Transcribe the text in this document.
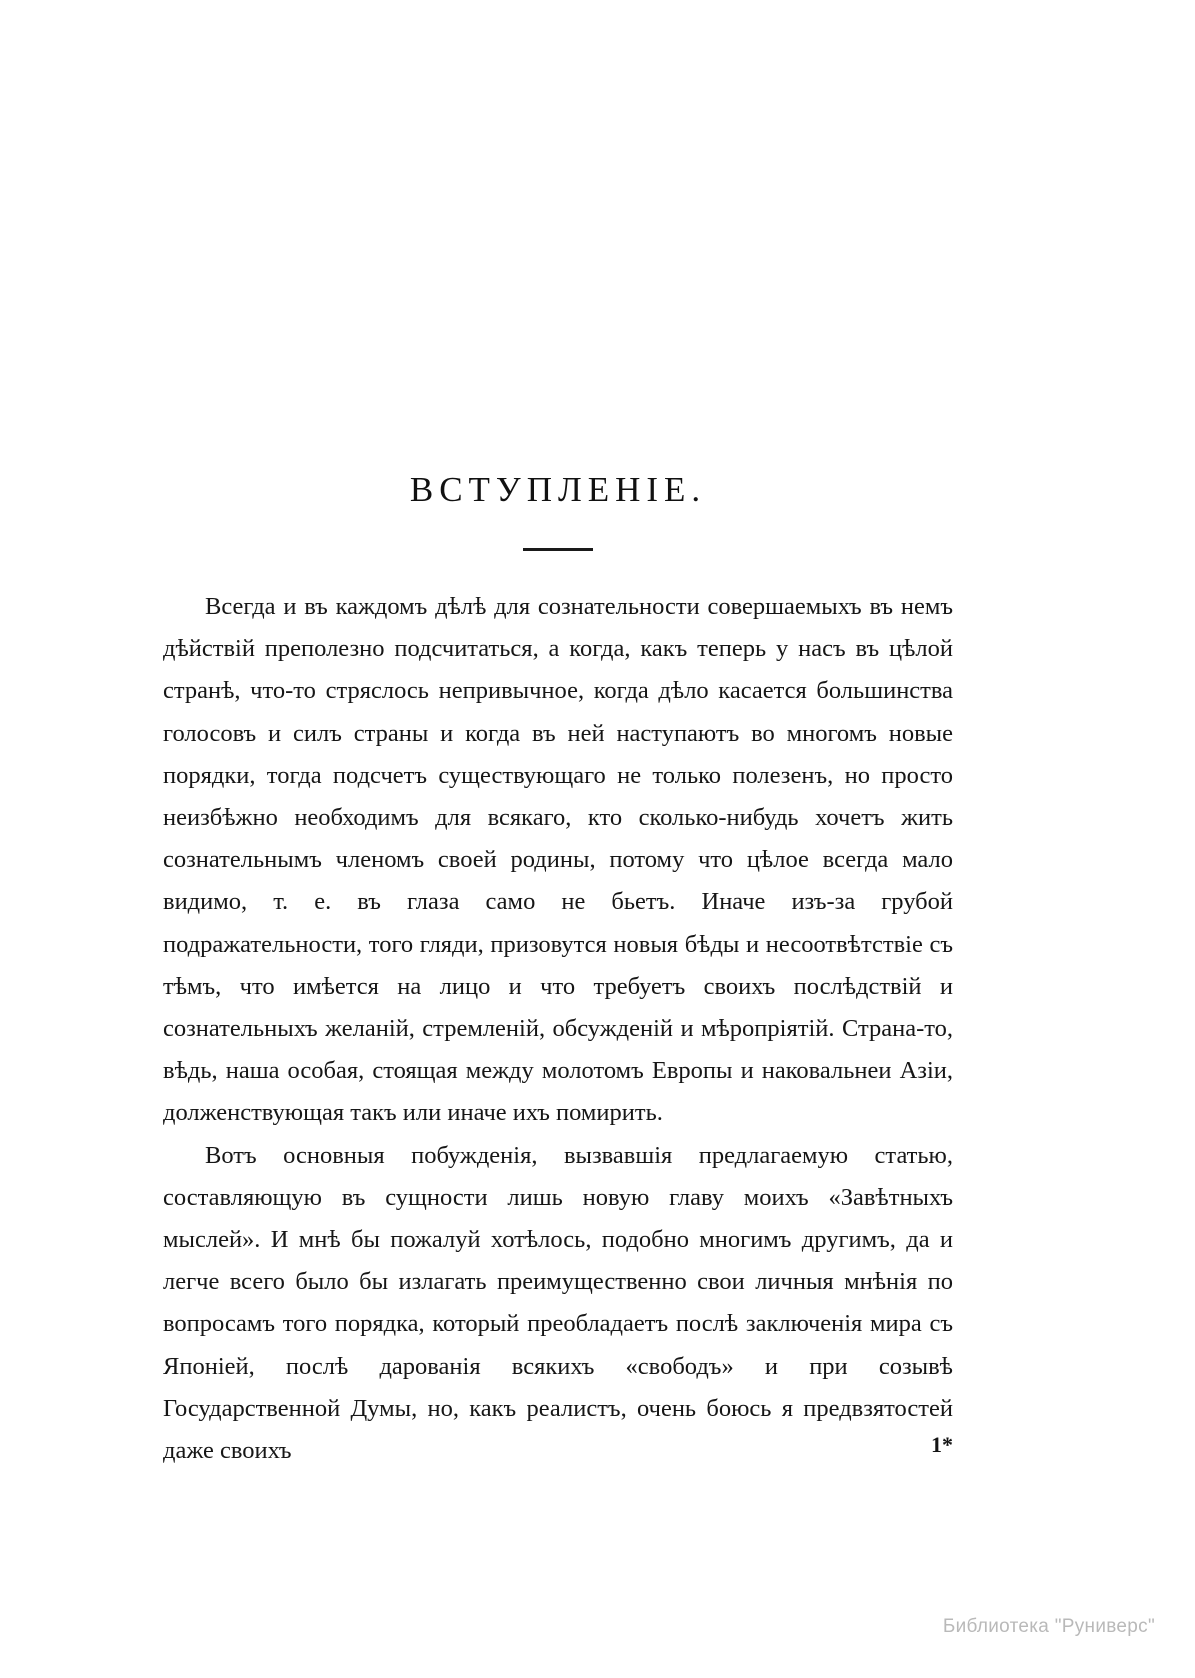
ВСТУПЛЕНІЕ.

Всегда и въ каждомъ дѣлѣ для сознательности совершаемыхъ въ немъ дѣйствій преполезно подсчитаться, а когда, какъ теперь у насъ въ цѣлой странѣ, что-то стряслось непривычное, когда дѣло касается большинства голосовъ и силъ страны и когда въ ней наступаютъ во многомъ новые порядки, тогда подсчетъ существующаго не только полезенъ, но просто неизбѣжно необходимъ для всякаго, кто сколько-нибудь хочетъ жить сознательнымъ членомъ своей родины, потому что цѣлое всегда мало видимо, т. е. въ глаза само не бьетъ. Иначе изъ-за грубой подражательности, того гляди, призовутся новыя бѣды и несоотвѣтствіе съ тѣмъ, что имѣется на лицо и что требуетъ своихъ послѣдствій и сознательныхъ желаній, стремленій, обсужденій и мѣропріятій. Страна-то, вѣдь, наша особая, стоящая между молотомъ Европы и наковальнеи Азіи, долженствующая такъ или иначе ихъ помирить.

Вотъ основныя побужденія, вызвавшія предлагаемую статью, составляющую въ сущности лишь новую главу моихъ «Завѣтныхъ мыслей». И мнѣ бы пожалуй хотѣлось, подобно многимъ другимъ, да и легче всего было бы излагать преимущественно свои личныя мнѣнія по вопросамъ того порядка, который преобладаетъ послѣ заключенія мира съ Японіей, послѣ дарованія всякихъ «свободъ» и при созывѣ Государственной Думы, но, какъ реалистъ, очень боюсь я предвзятостей даже своихъ	1*
Библиотека "Руниверс"
